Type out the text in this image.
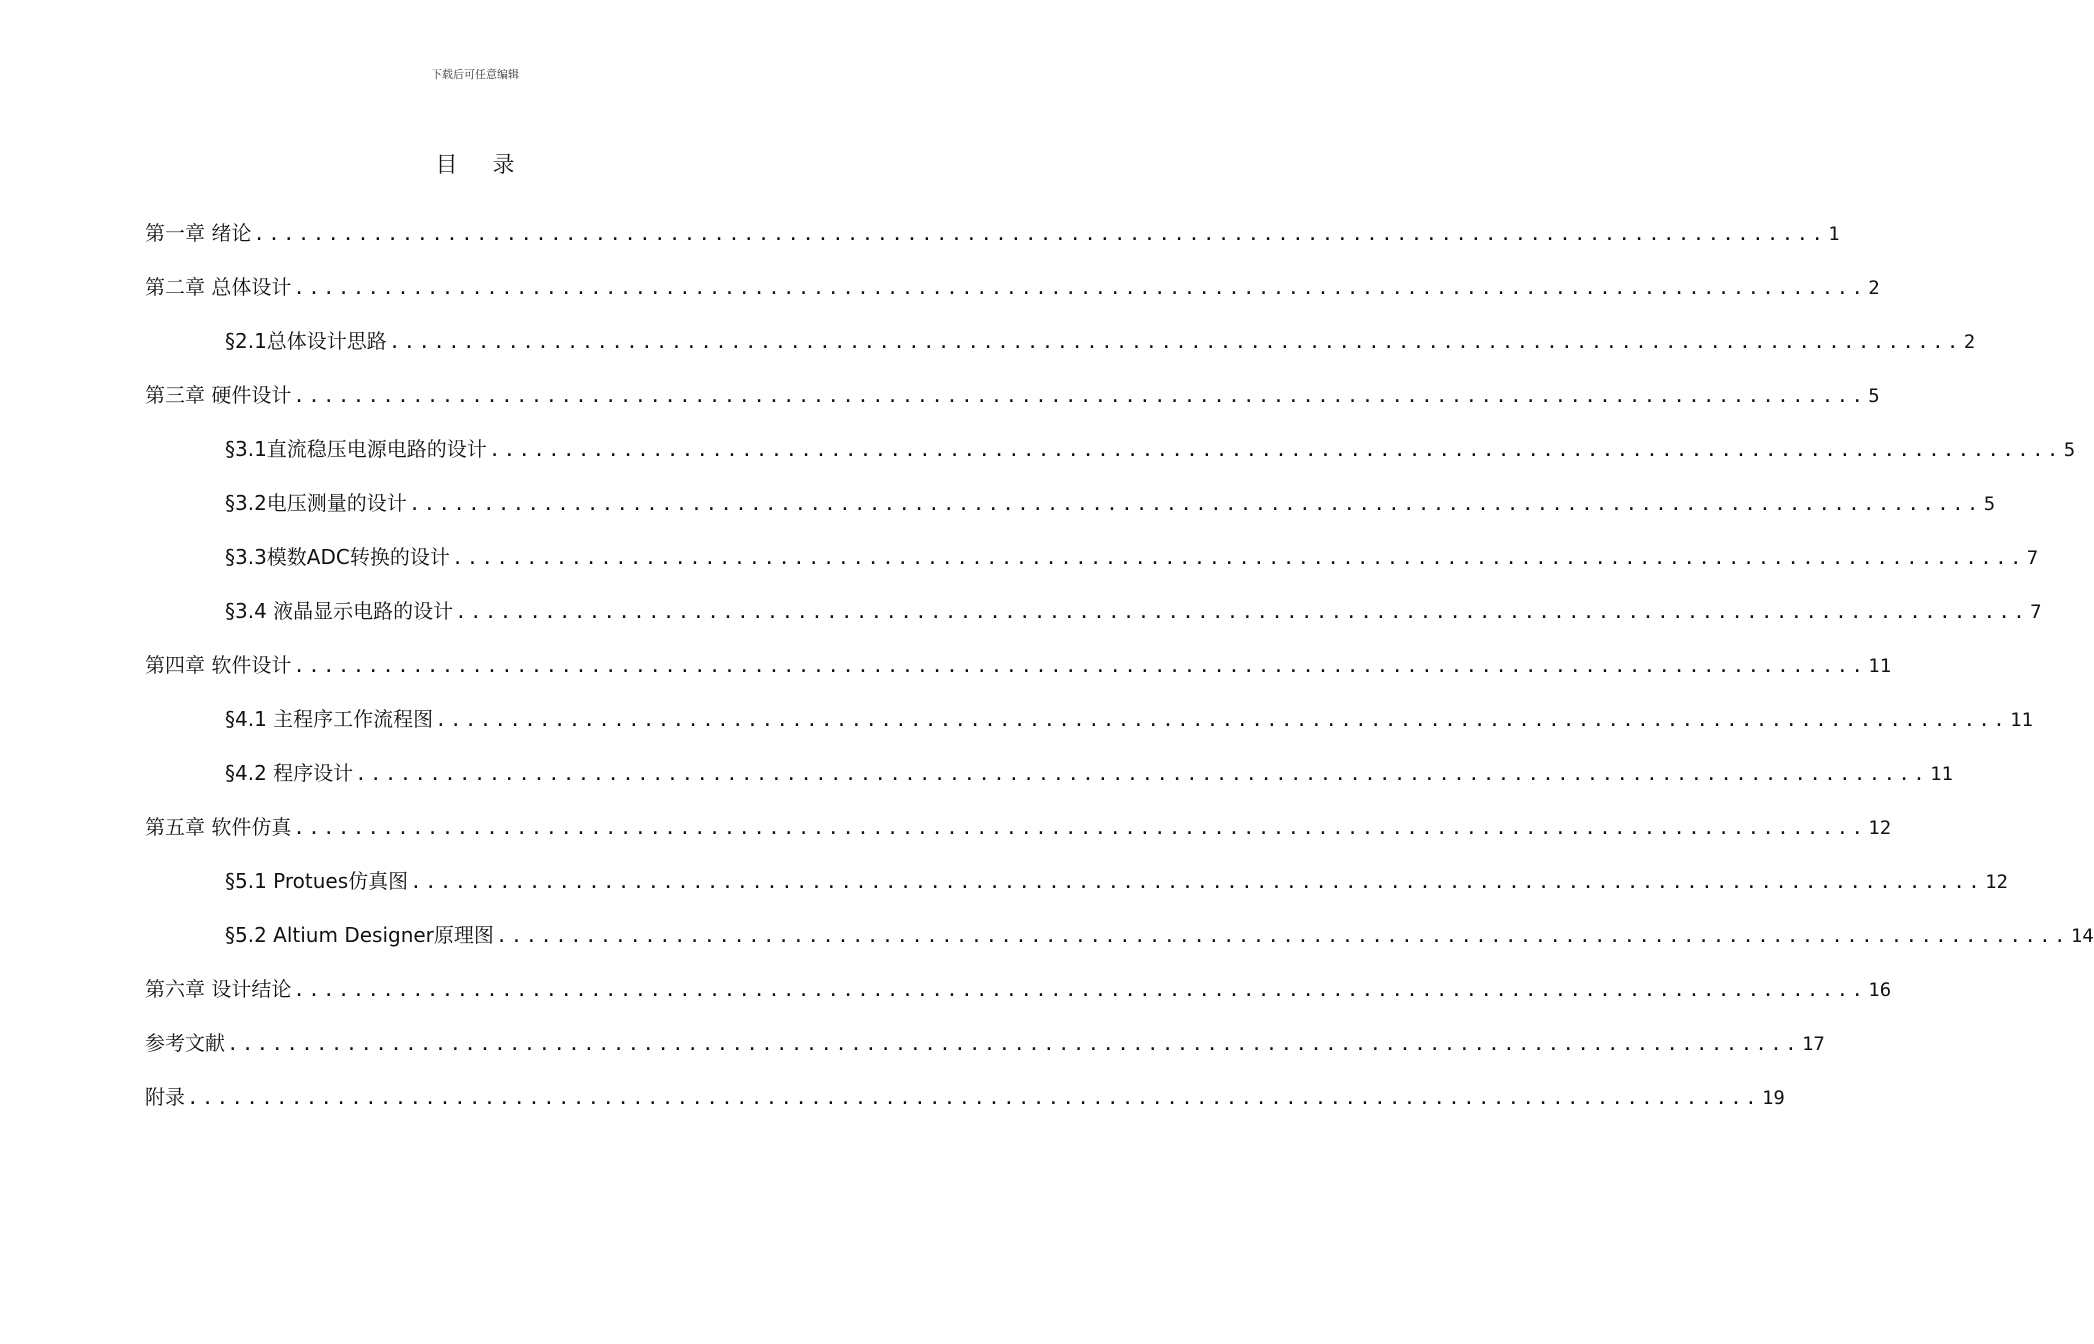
下载后可任意编辑
目 录
第一章 绪论 .......................................................................................................... 1
第二章 总体设计 .......................................................................................................... 2
§2.1总体设计思路 .......................................................................................................... 2
第三章 硬件设计 .......................................................................................................... 5
§3.1直流稳压电源电路的设计 .......................................................................................................... 5
§3.2电压测量的设计 .......................................................................................................... 5
§3.3模数ADC转换的设计 .......................................................................................................... 7
§3.4 液晶显示电路的设计 .......................................................................................................... 7
第四章 软件设计 .......................................................................................................... 11
§4.1 主程序工作流程图 .......................................................................................................... 11
§4.2 程序设计 .......................................................................................................... 11
第五章 软件仿真 .......................................................................................................... 12
§5.1 Protues仿真图 .......................................................................................................... 12
§5.2 Altium Designer原理图 .......................................................................................................... 14
第六章 设计结论 .......................................................................................................... 16
参考文献 .......................................................................................................... 17
附录 .......................................................................................................... 19
